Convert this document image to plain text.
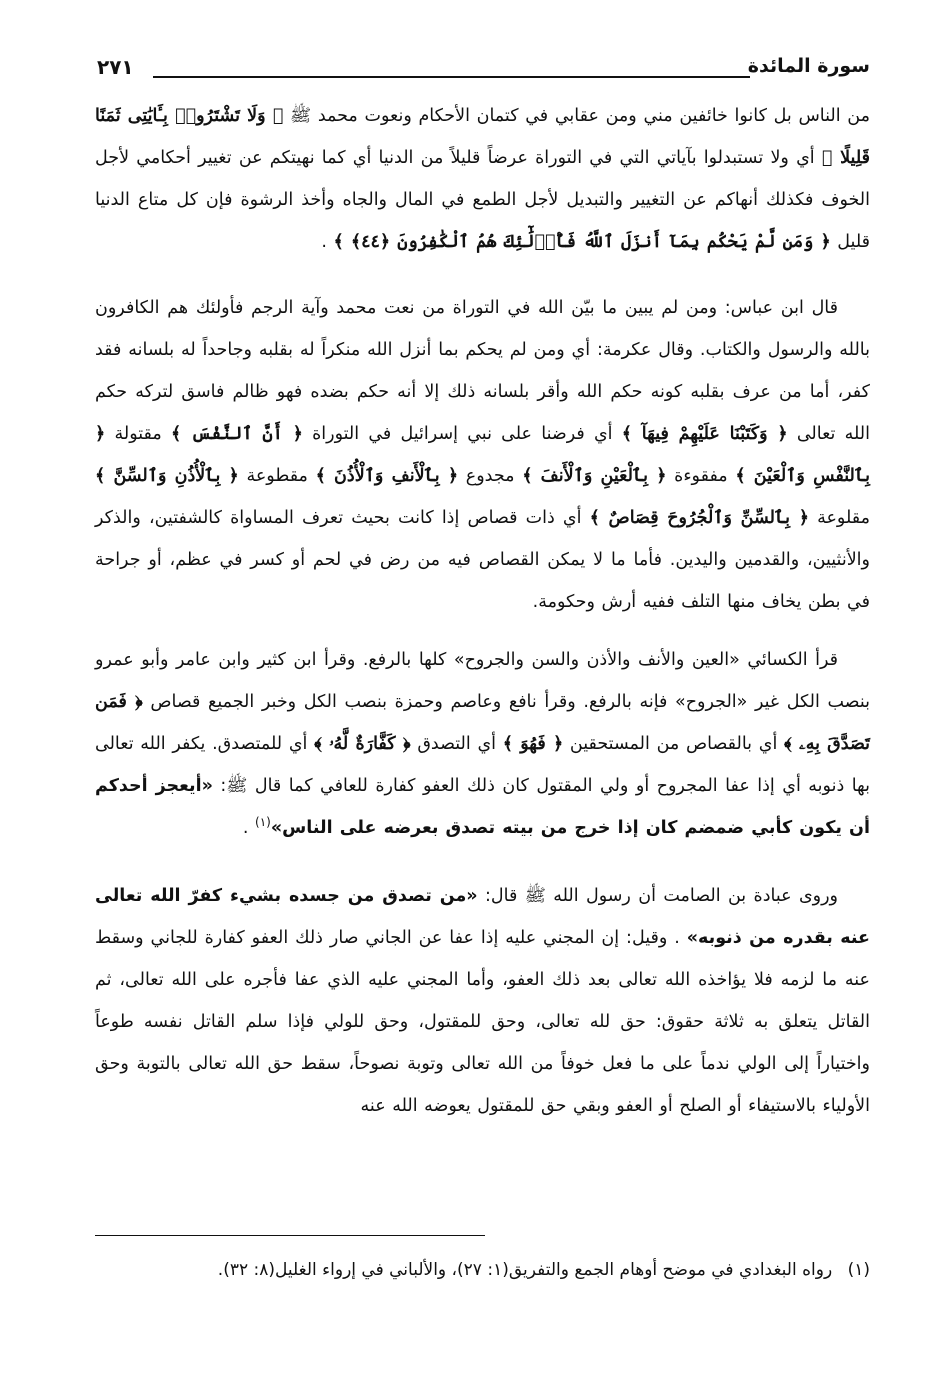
سورة المائدة
٢٧١

من الناس بل كانوا خائفين مني ومن عقابي في كتمان الأحكام ونعوت محمد ﷺ ﴿ وَلَا تَشْتَرُوا۟ بِـَٔايَٰتِى ثَمَنًا قَلِيلًا ﴾ أي ولا تستبدلوا بآياتي التي في التوراة عرضاً قليلاً من الدنيا أي كما نهيتكم عن تغيير أحكامي لأجل الخوف فكذلك أنهاكم عن التغيير والتبديل لأجل الطمع في المال والجاه وأخذ الرشوة فإن كل متاع الدنيا قليل ﴿ وَمَن لَّمْ يَحْكُم بِمَآ أَنزَلَ ٱللَّهُ فَأُو۟لَٰٓئِكَ هُمُ ٱلْكَٰفِرُونَ ﴿٤٤﴾ ﴾ .

قال ابن عباس: ومن لم يبين ما بيّن الله في التوراة من نعت محمد وآية الرجم فأولئك هم الكافرون بالله والرسول والكتاب. وقال عكرمة: أي ومن لم يحكم بما أنزل الله منكراً له بقلبه وجاحداً له بلسانه فقد كفر، أما من عرف بقلبه كونه حكم الله وأقر بلسانه ذلك إلا أنه حكم بضده فهو ظالم فاسق لتركه حكم الله تعالى ﴿ وَكَتَبْنَا عَلَيْهِمْ فِيهَآ ﴾ أي فرضنا على نبي إسرائيل في التوراة ﴿ أَنَّ ٱلنَّفْسَ ﴾ مقتولة ﴿ بِٱلنَّفْسِ وَٱلْعَيْنَ ﴾ مفقوءة ﴿ بِٱلْعَيْنِ وَٱلْأَنفَ ﴾ مجدوع ﴿ بِٱلْأَنفِ وَٱلْأُذُنَ ﴾ مقطوعة ﴿ بِٱلْأُذُنِ وَٱلسِّنَّ ﴾ مقلوعة ﴿ بِٱلسِّنِّ وَٱلْجُرُوحَ قِصَاصٌ ﴾ أي ذات قصاص إذا كانت بحيث تعرف المساواة كالشفتين، والذكر والأنثيين، والقدمين واليدين. فأما ما لا يمكن القصاص فيه من رض في لحم أو كسر في عظم، أو جراحة في بطن يخاف منها التلف ففيه أرش وحكومة.

قرأ الكسائي «العين والأنف والأذن والسن والجروح» كلها بالرفع. وقرأ ابن كثير وابن عامر وأبو عمرو بنصب الكل غير «الجروح» فإنه بالرفع. وقرأ نافع وعاصم وحمزة بنصب الكل وخبر الجميع قصاص ﴿ فَمَن تَصَدَّقَ بِهِۦ ﴾ أي بالقصاص من المستحقين ﴿ فَهُوَ ﴾ أي التصدق ﴿ كَفَّارَةٌ لَّهُۥ ﴾ أي للمتصدق. يكفر الله تعالى بها ذنوبه أي إذا عفا المجروح أو ولي المقتول كان ذلك العفو كفارة للعافي كما قال ﷺ: «أيعجز أحدكم أن يكون كأبي ضمضم كان إذا خرج من بيته تصدق بعرضه على الناس»$^{(١)}$ .

وروى عبادة بن الصامت أن رسول الله ﷺ قال: «من تصدق من جسده بشيء كفرّ الله تعالى عنه بقدره من ذنوبه» . وقيل: إن المجني عليه إذا عفا عن الجاني صار ذلك العفو كفارة للجاني وسقط عنه ما لزمه فلا يؤاخذه الله تعالى بعد ذلك العفو، وأما المجني عليه الذي عفا فأجره على الله تعالى، ثم القاتل يتعلق به ثلاثة حقوق: حق لله تعالى، وحق للمقتول، وحق للولي فإذا سلم القاتل نفسه طوعاً واختياراً إلى الولي ندماً على ما فعل خوفاً من الله تعالى وتوبة نصوحاً، سقط حق الله تعالى بالتوبة وحق الأولياء بالاستيفاء أو الصلح أو العفو وبقي حق للمقتول يعوضه الله عنه

(١) رواه البغدادي في موضح أوهام الجمع والتفريق(١: ٢٧)، والألباني في إرواء الغليل(٨: ٣٢).
